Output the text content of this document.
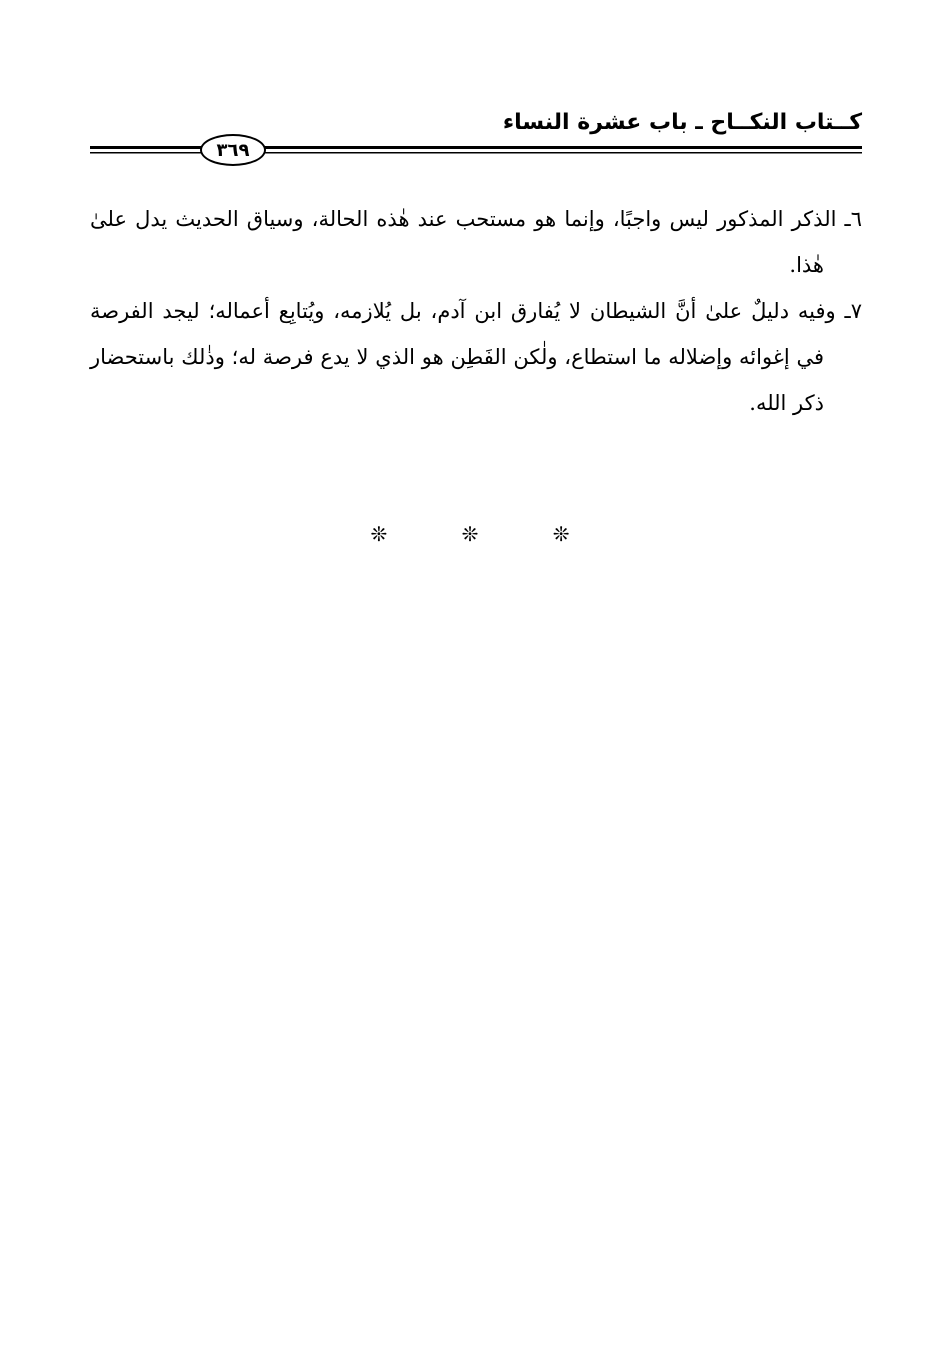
كــتاب النكــاح ـ باب عشرة النساء
٣٦٩

٦ـ الذكر المذكور ليس واجبًا، وإنما هو مستحب عند هٰذه الحالة، وسياق الحديث يدل علىٰ هٰذا.

٧ـ وفيه دليلٌ علىٰ أنَّ الشيطان لا يُفارق ابن آدم، بل يُلازمه، ويُتابِع أعماله؛ ليجد الفرصة في إغوائه وإضلاله ما استطاع، ولٰكن الفَطِن هو الذي لا يدع فرصة له؛ وذٰلك باستحضار ذكر الله.

❊ ❊ ❊
